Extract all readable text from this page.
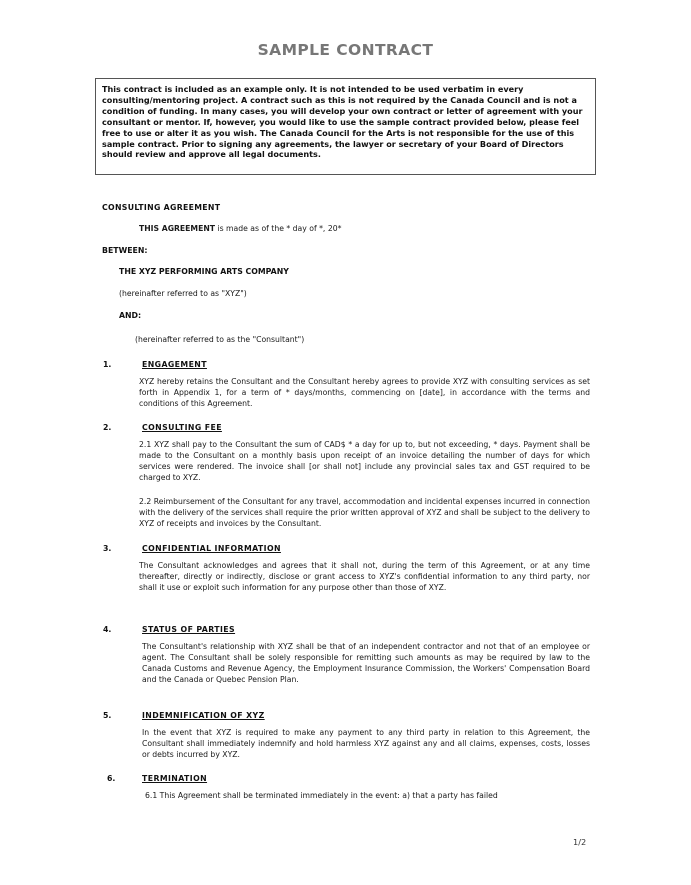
SAMPLE CONTRACT
This contract is included as an example only. It is not intended to be used verbatim in every consulting/mentoring project. A contract such as this is not required by the Canada Council and is not a condition of funding. In many cases, you will develop your own contract or letter of agreement with your consultant or mentor. If, however, you would like to use the sample contract provided below, please feel free to use or alter it as you wish. The Canada Council for the Arts is not responsible for the use of this sample contract. Prior to signing any agreements, the lawyer or secretary of your Board of Directors should review and approve all legal documents.
CONSULTING AGREEMENT
THIS AGREEMENT is made as of the * day of *, 20*
BETWEEN:
THE XYZ PERFORMING ARTS COMPANY
(hereinafter referred to as "XYZ")
AND:
(hereinafter referred to as the "Consultant")
1.	ENGAGEMENT
XYZ hereby retains the Consultant and the Consultant hereby agrees to provide XYZ with consulting services as set forth in Appendix 1, for a term of * days/months, commencing on [date], in accordance with the terms and conditions of this Agreement.
2.	CONSULTING FEE
2.1 XYZ shall pay to the Consultant the sum of CAD$ * a day for up to, but not exceeding, * days. Payment shall be made to the Consultant on a monthly basis upon receipt of an invoice detailing the number of days for which services were rendered. The invoice shall [or shall not] include any provincial sales tax and GST required to be charged to XYZ.
2.2 Reimbursement of the Consultant for any travel, accommodation and incidental expenses incurred in connection with the delivery of the services shall require the prior written approval of XYZ and shall be subject to the delivery to XYZ of receipts and invoices by the Consultant.
3.	CONFIDENTIAL INFORMATION
The Consultant acknowledges and agrees that it shall not, during the term of this Agreement, or at any time thereafter, directly or indirectly, disclose or grant access to XYZ's confidential information to any third party, nor shall it use or exploit such information for any purpose other than those of XYZ.
4.	STATUS OF PARTIES
The Consultant's relationship with XYZ shall be that of an independent contractor and not that of an employee or agent. The Consultant shall be solely responsible for remitting such amounts as may be required by law to the Canada Customs and Revenue Agency, the Employment Insurance Commission, the Workers' Compensation Board and the Canada or Quebec Pension Plan.
5.	INDEMNIFICATION OF XYZ
In the event that XYZ is required to make any payment to any third party in relation to this Agreement, the Consultant shall immediately indemnify and hold harmless XYZ against any and all claims, expenses, costs, losses or debts incurred by XYZ.
6.	TERMINATION
6.1 This Agreement shall be terminated immediately in the event: a) that a party has failed
1/2
